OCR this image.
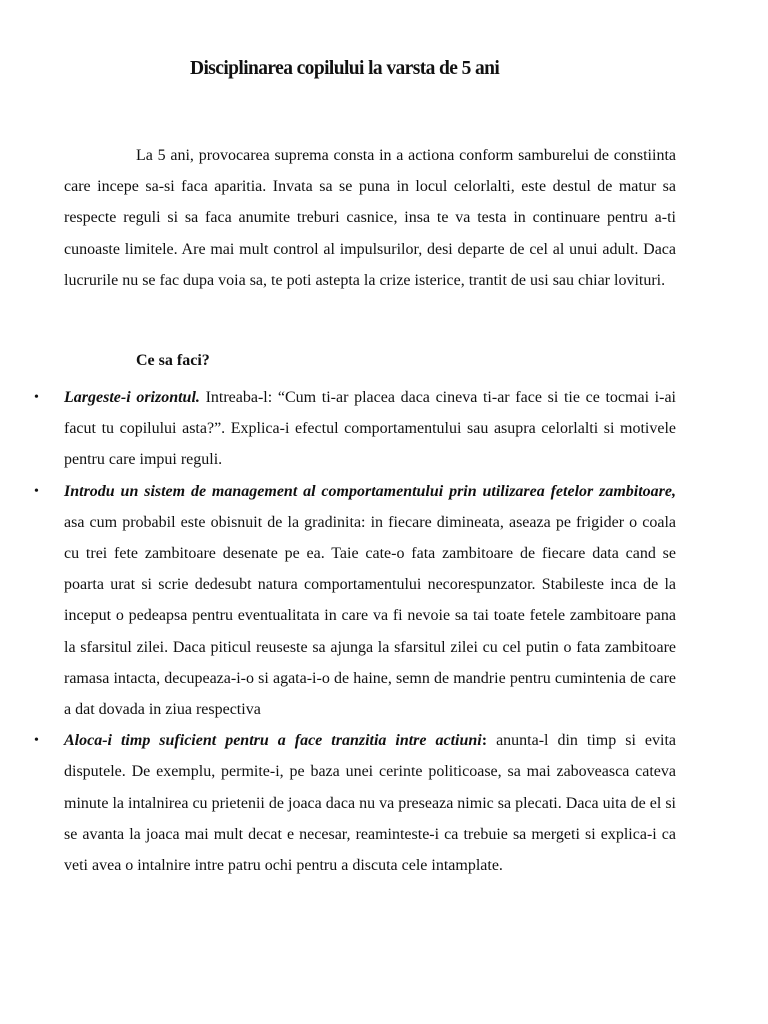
Disciplinarea copilului la varsta de 5 ani

La 5 ani, provocarea suprema consta in a actiona conform samburelui de constiinta care incepe sa-si faca aparitia. Invata sa se puna in locul celorlalti, este destul de matur sa respecte reguli si sa faca anumite treburi casnice, insa te va testa in continuare pentru a-ti cunoaste limitele. Are mai mult control al impulsurilor, desi departe de cel al unui adult. Daca lucrurile nu se fac dupa voia sa, te poti astepta la crize isterice, trantit de usi sau chiar lovituri.

Ce sa faci?

• Largeste-i orizontul. Intreaba-l: “Cum ti-ar placea daca cineva ti-ar face si tie ce tocmai i-ai facut tu copilului asta?”. Explica-i efectul comportamentului sau asupra celorlalti si motivele pentru care impui reguli.
• Introdu un sistem de management al comportamentului prin utilizarea fetelor zambitoare, asa cum probabil este obisnuit de la gradinita: in fiecare dimineata, aseaza pe frigider o coala cu trei fete zambitoare desenate pe ea. Taie cate-o fata zambitoare de fiecare data cand se poarta urat si scrie dedesubt natura comportamentului necorespunzator. Stabileste inca de la inceput o pedeapsa pentru eventualitata in care va fi nevoie sa tai toate fetele zambitoare pana la sfarsitul zilei. Daca piticul reuseste sa ajunga la sfarsitul zilei cu cel putin o fata zambitoare ramasa intacta, decupeaza-i-o si agata-i-o de haine, semn de mandrie pentru cumintenia de care a dat dovada in ziua respectiva
• Aloca-i timp suficient pentru a face tranzitia intre actiuni: anunta-l din timp si evita disputele. De exemplu, permite-i, pe baza unei cerinte politicoase, sa mai zaboveasca cateva minute la intalnirea cu prietenii de joaca daca nu va preseaza nimic sa plecati. Daca uita de el si se avanta la joaca mai mult decat e necesar, reaminteste-i ca trebuie sa mergeti si explica-i ca veti avea o intalnire intre patru ochi pentru a discuta cele intamplate.
